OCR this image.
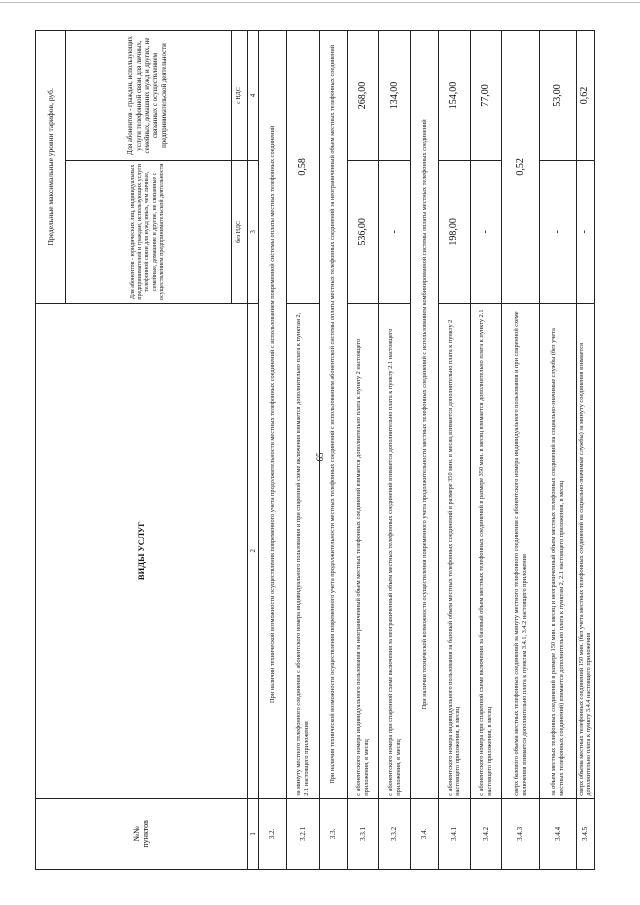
65
№№
пунктов	ВИДЫ УСЛУГ	Предельные максимальные уровни тарифов, руб.	
		Для абонентов - юридических лиц, индивидуальных предпринимателей и граждан, использующих услуги телефонной связи для нужд иных, чем личные, семейные, домашние и другие, не связанные с осуществлением предпринимательской деятельности	Для абонентов - граждан, использующих услуги телефонной связи для личных, семейных, домашних нужд и других, не связанных с осуществлением предпринимательской деятельности
		без НДС	с НДС
1	2	3	4
3.2.	При наличии технической возможности осуществления повременного учета продолжительности местных телефонных соединений с использованием повременной системы оплаты местных телефонных соединений		
3.2.1	за минуту местного телефонного соединения с абонентского номера индивидуального пользования и при спаренной схеме включения взимается дополнительно плата к пунктам 2, 2.1 настоящего приложения	0,58	
3.3.	При наличии технической возможности осуществления повременного учета продолжительности местных телефонных соединений с использованием абонентской системы оплаты местных телефонных соединений за неограниченный объем местных телефонных соединений		
3.3.1	с абонентского номера индивидуального пользования за неограниченный объем местных телефонных соединений взимается дополнительно плата к пункту 2 настоящего приложения, в месяц	536,00	268,00
3.3.2	с абонентского номера при спаренной схеме включения за неограниченный объем местных телефонных соединений взимается дополнительно плата к пункту 2.1 настоящего приложения, в месяц	-	134,00
3.4.	При наличии технической возможности осуществления повременного учета продолжительности местных телефонных соединений с использованием комбинированной системы оплаты местных телефонных соединений		
3.4.1	с абонентского номера индивидуального пользования за базовый объем местных телефонных соединений в размере 350 мин. в месяц взимается дополнительно плата к пункту 2 настоящего приложения, в месяц	198,00	154,00
3.4.2	с абонентского номера при спаренной схеме включения за базовый объем местных телефонных соединений в размере 350 мин. в месяц взимается дополнительно плата к пункту 2.1 настоящего приложения, в месяц	-	77,00
3.4.3	сверх базового объема местных телефонных соединений за минуту местного телефонного соединения с абонентского номера индивидуального пользования и при спаренной схеме включения взимается дополнительно плата к пунктам 3.4.1, 3.4.2 настоящего приложения	0,52	
3.4.4	за объем местных телефонных соединений в размере 150 мин. в месяц и неограниченный объем местных телефонных соединений на социально-значимые службы (без учета местных телефонных соединений) взимается дополнительно плата к пунктам 2, 2.1 настоящего приложения, в месяц	-	53,00
3.4.5	сверх объема местных телефонных соединений 150 мин. (без учета местных телефонных соединений на социально-значимые службы) за минуту соединения взимается дополнительно плата к пункту 3.4.4 настоящего приложения	-	0,62
